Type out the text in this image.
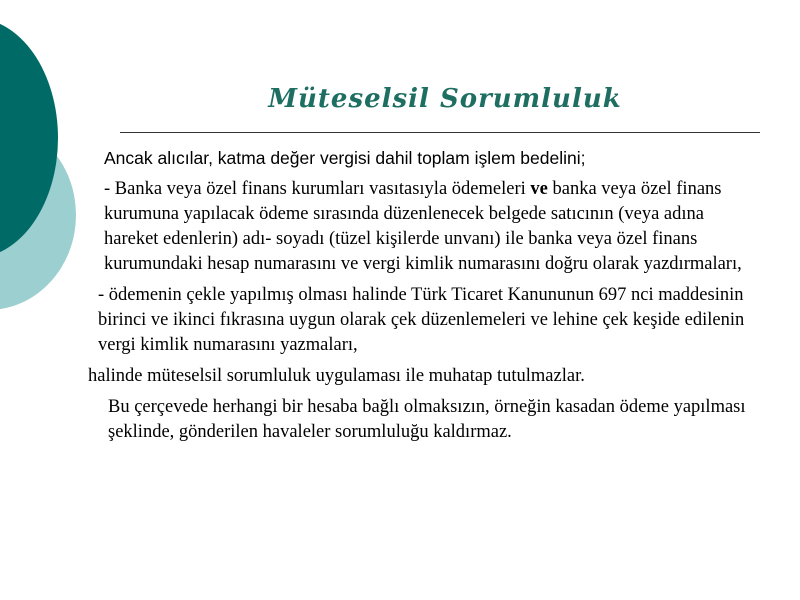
Müteselsil Sorumluluk

Ancak alıcılar, katma değer vergisi dahil toplam işlem bedelini;

- Banka veya özel finans kurumları vasıtasıyla ödemeleri ve banka veya özel finans kurumuna yapılacak ödeme sırasında düzenlenecek belgede satıcının (veya adına hareket edenlerin) adı- soyadı (tüzel kişilerde unvanı) ile banka veya özel finans kurumundaki hesap numarasını ve vergi kimlik numarasını doğru olarak yazdırmaları,

- ödemenin çekle yapılmış olması halinde Türk Ticaret Kanununun 697 nci maddesinin birinci ve ikinci fıkrasına uygun olarak çek düzenlemeleri ve lehine çek keşide edilenin vergi kimlik numarasını yazmaları,

halinde müteselsil sorumluluk uygulaması ile muhatap tutulmazlar.

Bu çerçevede herhangi bir hesaba bağlı olmaksızın, örneğin kasadan ödeme yapılması şeklinde, gönderilen havaleler sorumluluğu kaldırmaz.
